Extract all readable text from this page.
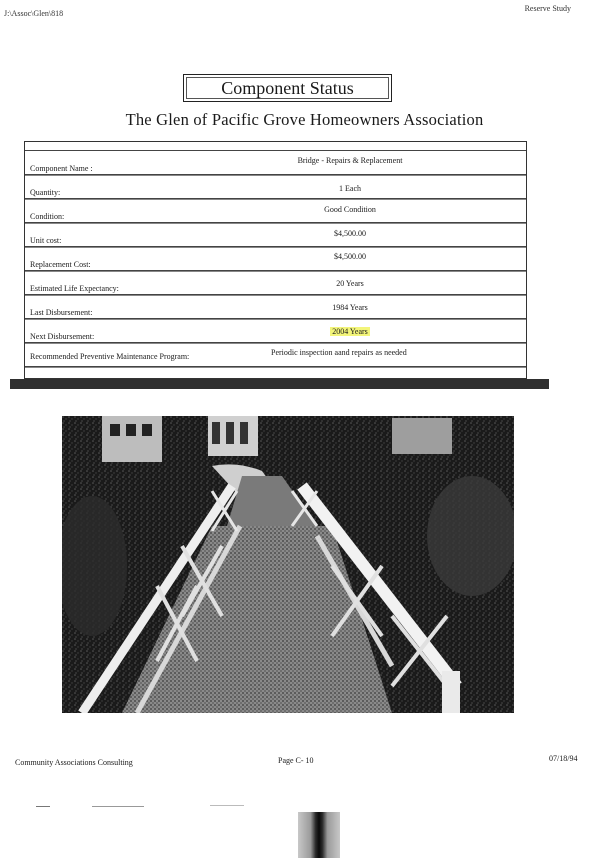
J:\Assoc\Glen\818
Reserve Study
Component Status
The Glen of Pacific Grove Homeowners Association
Component Name :
Bridge - Repairs & Replacement
Quantity:	1 Each
Condition:
Good Condition
Unit cost:
$4,500.00
Replacement Cost:
$4,500.00
Estimated Life Expectancy:
20 Years
Last Disbursement:
1984 Years
Next Disbursement:
2004 Years
Recommended Preventive Maintenance Program:	Periodic inspection aand repairs as needed
Community Associations Consulting	Page C- 10	07/18/94
